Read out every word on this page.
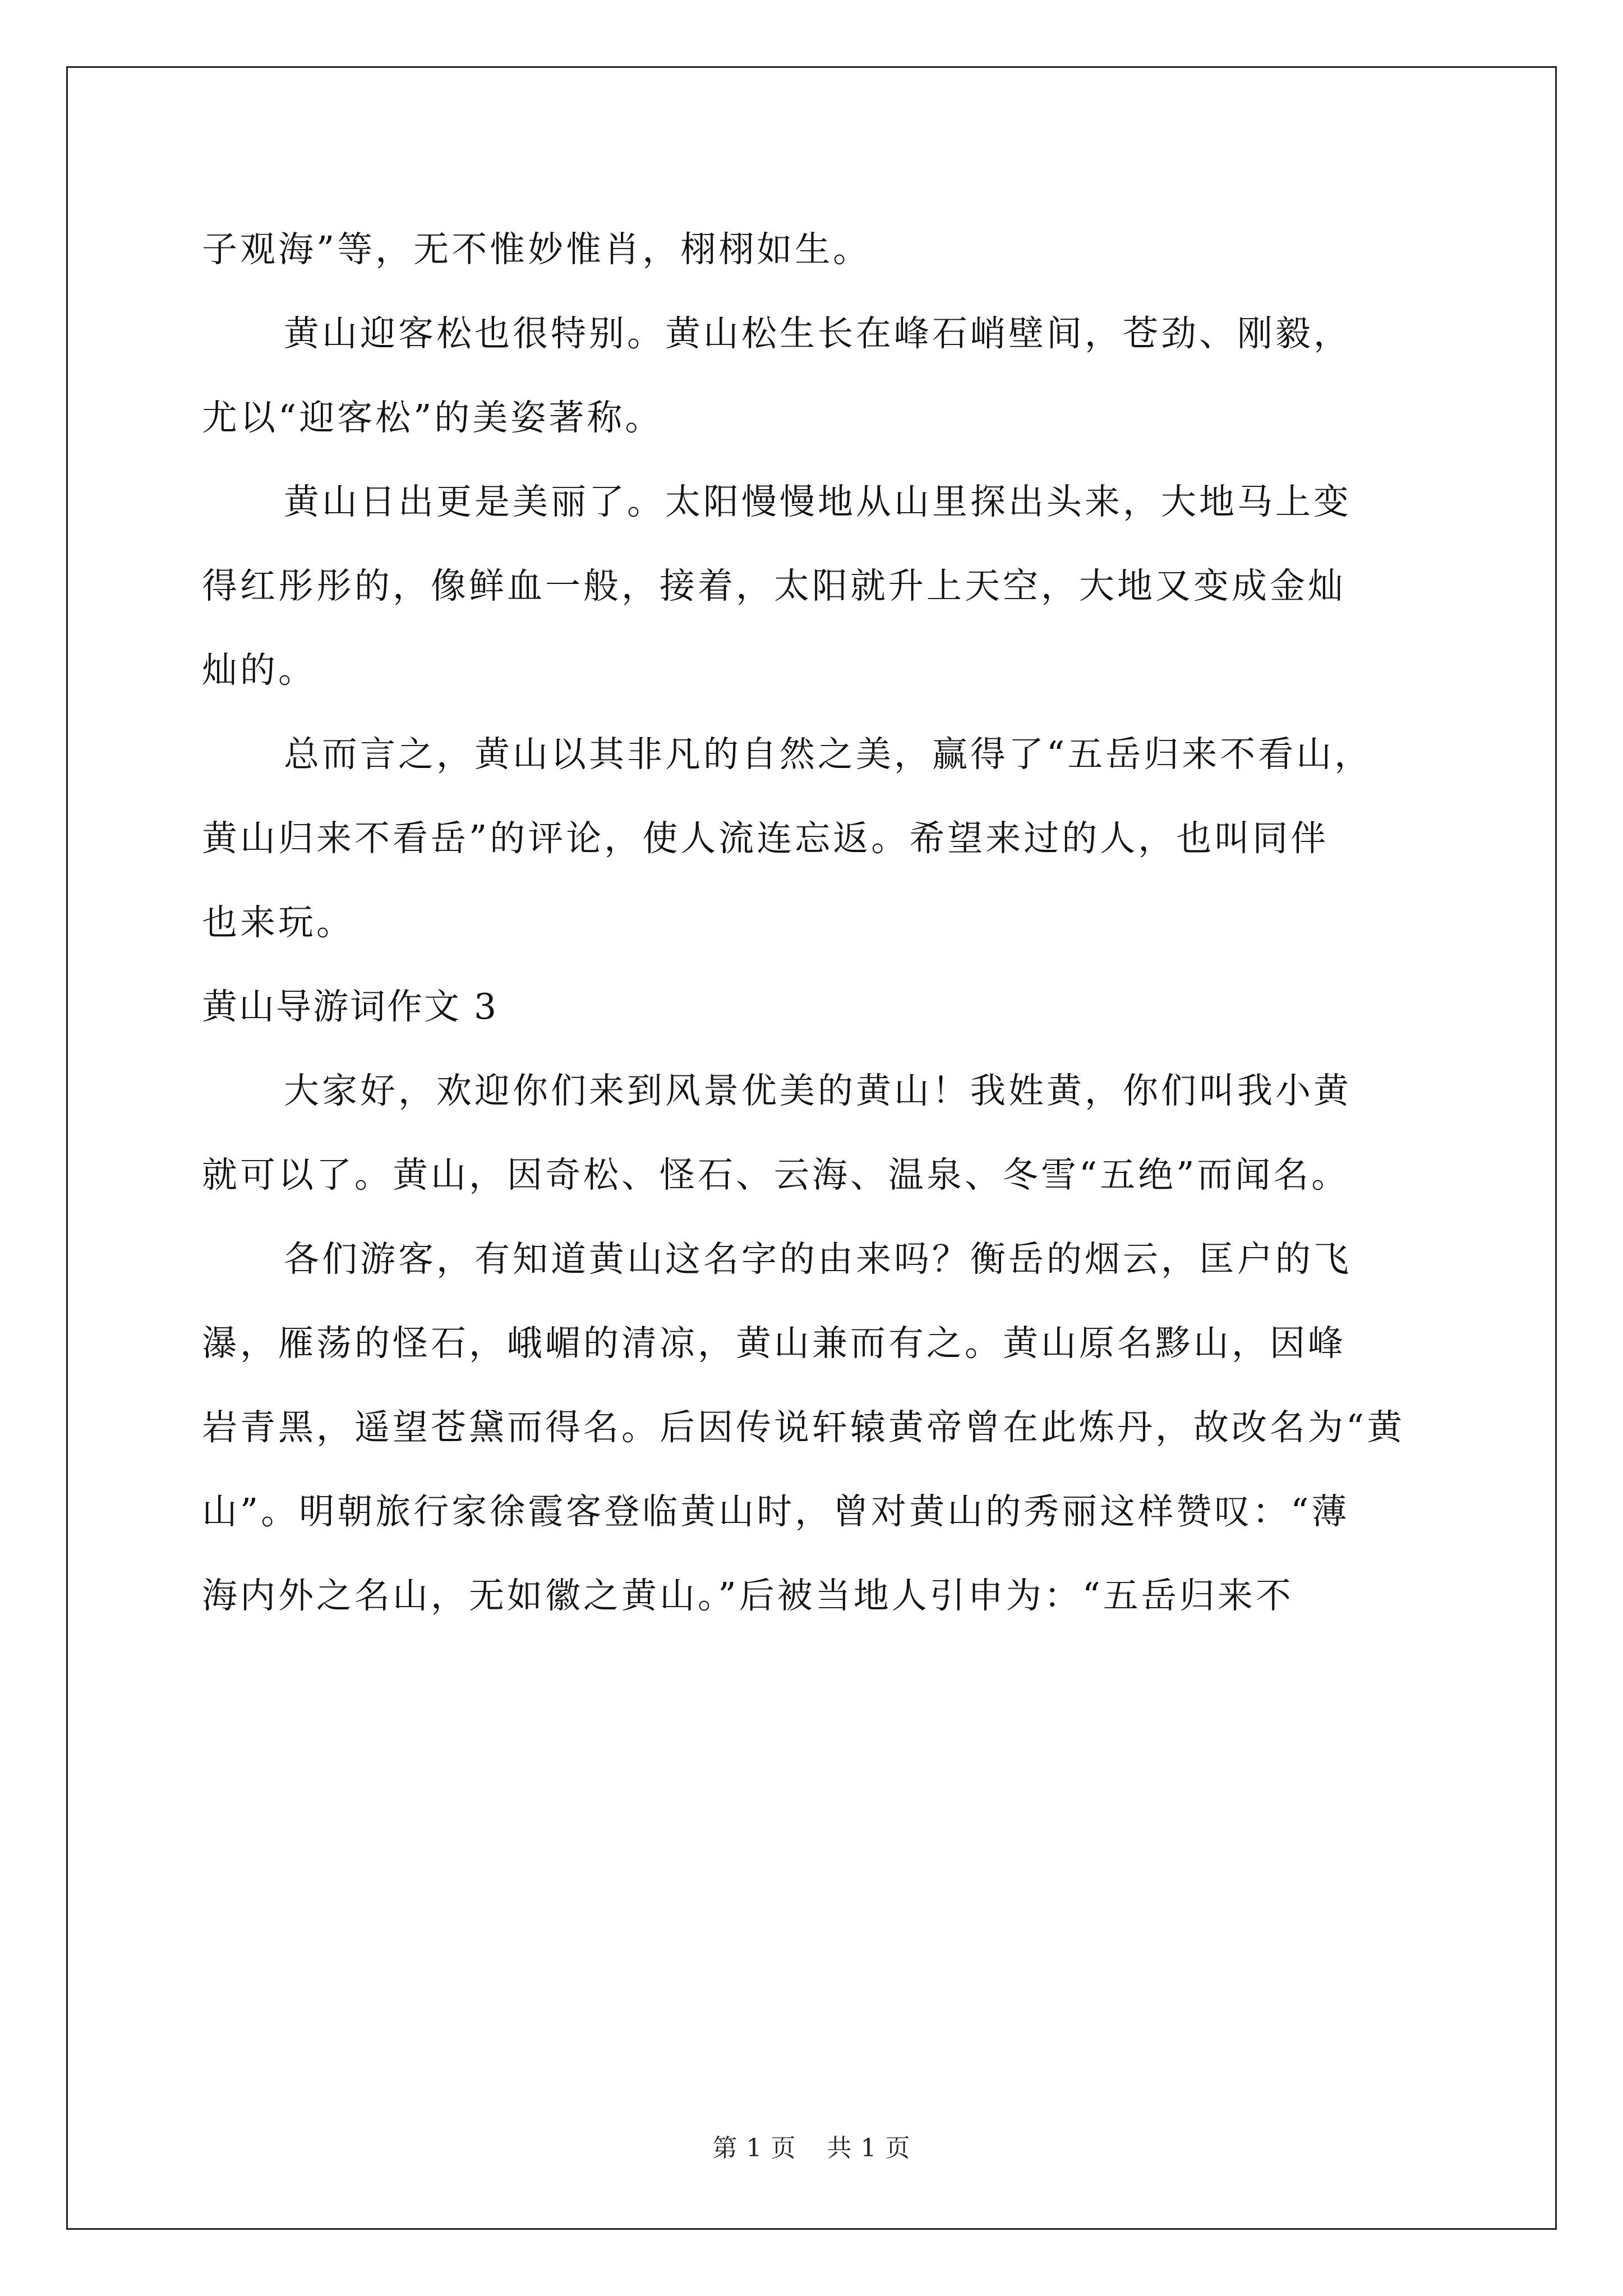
子观海”等，无不惟妙惟肖，栩栩如生。
黄山迎客松也很特别。黄山松生长在峰石峭壁间，苍劲、刚毅，
尤以“迎客松”的美姿著称。
黄山日出更是美丽了。太阳慢慢地从山里探出头来，大地马上变
得红彤彤的，像鲜血一般，接着，太阳就升上天空，大地又变成金灿
灿的。
总而言之，黄山以其非凡的自然之美，赢得了“五岳归来不看山，
黄山归来不看岳”的评论，使人流连忘返。希望来过的人，也叫同伴
也来玩。
黄山导游词作文 3
大家好，欢迎你们来到风景优美的黄山！我姓黄，你们叫我小黄
就可以了。黄山，因奇松、怪石、云海、温泉、冬雪“五绝”而闻名。
各们游客，有知道黄山这名字的由来吗？衡岳的烟云，匡户的飞
瀑，雁荡的怪石，峨嵋的清凉，黄山兼而有之。黄山原名黟山，因峰
岩青黑，遥望苍黛而得名。后因传说轩辕黄帝曾在此炼丹，故改名为“黄
山”。明朝旅行家徐霞客登临黄山时，曾对黄山的秀丽这样赞叹：“薄
海内外之名山，无如徽之黄山。”后被当地人引申为：“五岳归来不
第 1 页 共 1 页
